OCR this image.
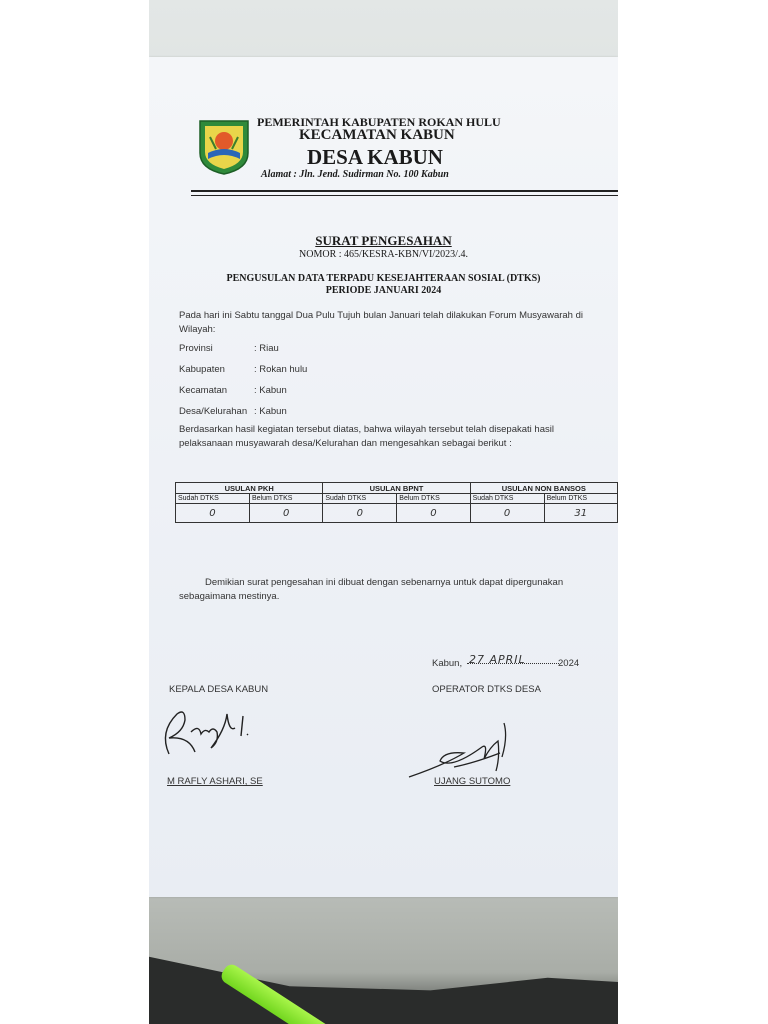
PEMERINTAH KABUPATEN ROKAN HULU
KECAMATAN KABUN
DESA KABUN
Alamat : Jln. Jend. Sudirman No. 100 Kabun
SURAT PENGESAHAN
NOMOR : 465/KESRA-KBN/VI/2023/.4.
PENGUSULAN DATA TERPADU KESEJAHTERAAN SOSIAL (DTKS)
PERIODE JANUARI 2024
Pada hari ini Sabtu tanggal Dua Pulu Tujuh bulan Januari telah dilakukan Forum Musyawarah di Wilayah:
Provinsi	: Riau
Kabupaten	: Rokan hulu
Kecamatan	: Kabun
Desa/Kelurahan : Kabun
Berdasarkan hasil kegiatan tersebut diatas, bahwa wilayah tersebut telah disepakati hasil pelaksanaan musyawarah desa/Kelurahan dan mengesahkan sebagai berikut :
USULAN PKH		USULAN BPNT		USULAN NON BANSOS	
Sudah DTKS	Belum DTKS	Sudah DTKS	Belum DTKS	Sudah DTKS	Belum DTKS
0	0	0	0	0	31
Demikian surat pengesahan ini dibuat dengan sebenarnya untuk dapat dipergunakan sebagaimana mestinya.
Kabun, 27 APRIL	2024
KEPALA DESA KABUN	OPERATOR DTKS DESA
M RAFLY ASHARI, SE	UJANG SUTOMO
